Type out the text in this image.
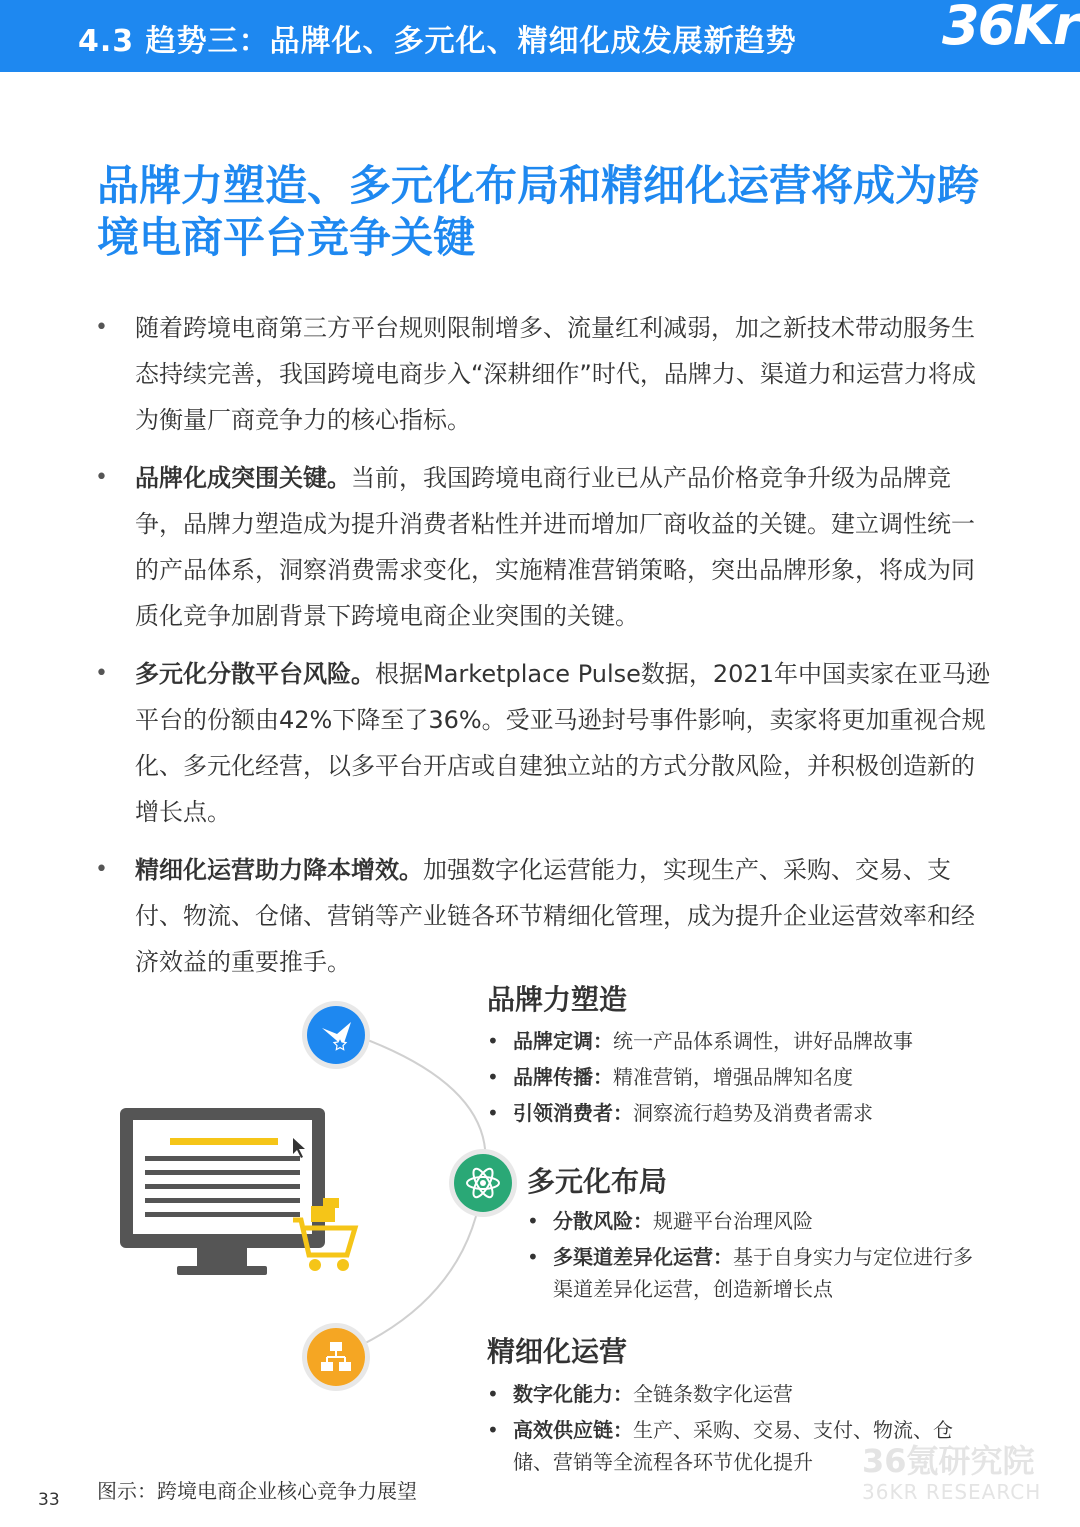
4.3 趋势三：品牌化、多元化、精细化成发展新趋势	36Kr
品牌力塑造、多元化布局和精细化运营将成为跨境电商平台竞争关键
• 随着跨境电商第三方平台规则限制增多、流量红利减弱，加之新技术带动服务生态持续完善，我国跨境电商步入“深耕细作”时代，品牌力、渠道力和运营力将成为衡量厂商竞争力的核心指标。
• 品牌化成突围关键。当前，我国跨境电商行业已从产品价格竞争升级为品牌竞争，品牌力塑造成为提升消费者粘性并进而增加厂商收益的关键。建立调性统一的产品体系，洞察消费需求变化，实施精准营销策略，突出品牌形象，将成为同质化竞争加剧背景下跨境电商企业突围的关键。
• 多元化分散平台风险。根据Marketplace Pulse数据，2021年中国卖家在亚马逊平台的份额由42%下降至了36%。受亚马逊封号事件影响，卖家将更加重视合规化、多元化经营，以多平台开店或自建独立站的方式分散风险，并积极创造新的增长点。
• 精细化运营助力降本增效。加强数字化运营能力，实现生产、采购、交易、支付、物流、仓储、营销等产业链各环节精细化管理，成为提升企业运营效率和经济效益的重要推手。
品牌力塑造
• 品牌定调：统一产品体系调性，讲好品牌故事
• 品牌传播：精准营销，增强品牌知名度
• 引领消费者：洞察流行趋势及消费者需求
多元化布局
• 分散风险：规避平台治理风险
• 多渠道差异化运营：基于自身实力与定位进行多渠道差异化运营，创造新增长点
精细化运营
• 数字化能力：全链条数字化运营
• 高效供应链：生产、采购、交易、支付、物流、仓储、营销等全流程各环节优化提升	36氪研究院
36KR RESEARCH
图示：跨境电商企业核心竞争力展望
33
